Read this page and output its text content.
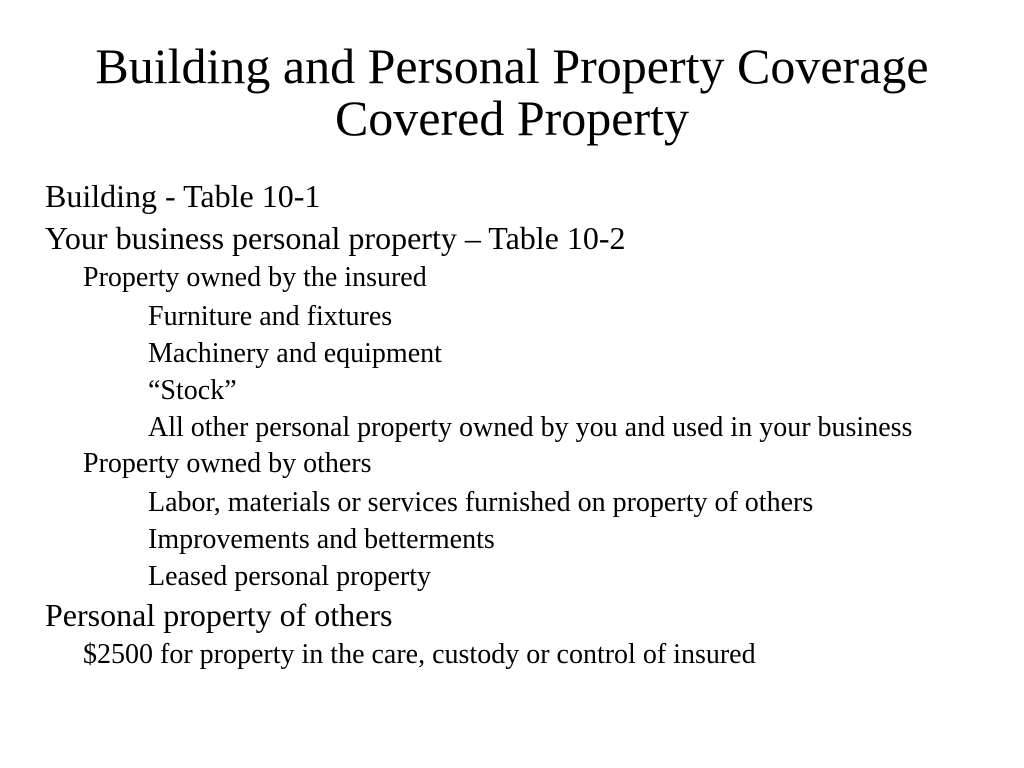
Building and Personal Property Coverage
Covered Property
Building - Table 10-1
Your business personal property – Table 10-2
Property owned by the insured
Furniture and fixtures
Machinery and equipment
“Stock”
All other personal property owned by you and used in your business
Property owned by others
Labor, materials or services furnished on property of others
Improvements and betterments
Leased personal property
Personal property of others
$2500 for property in the care, custody or control of insured
